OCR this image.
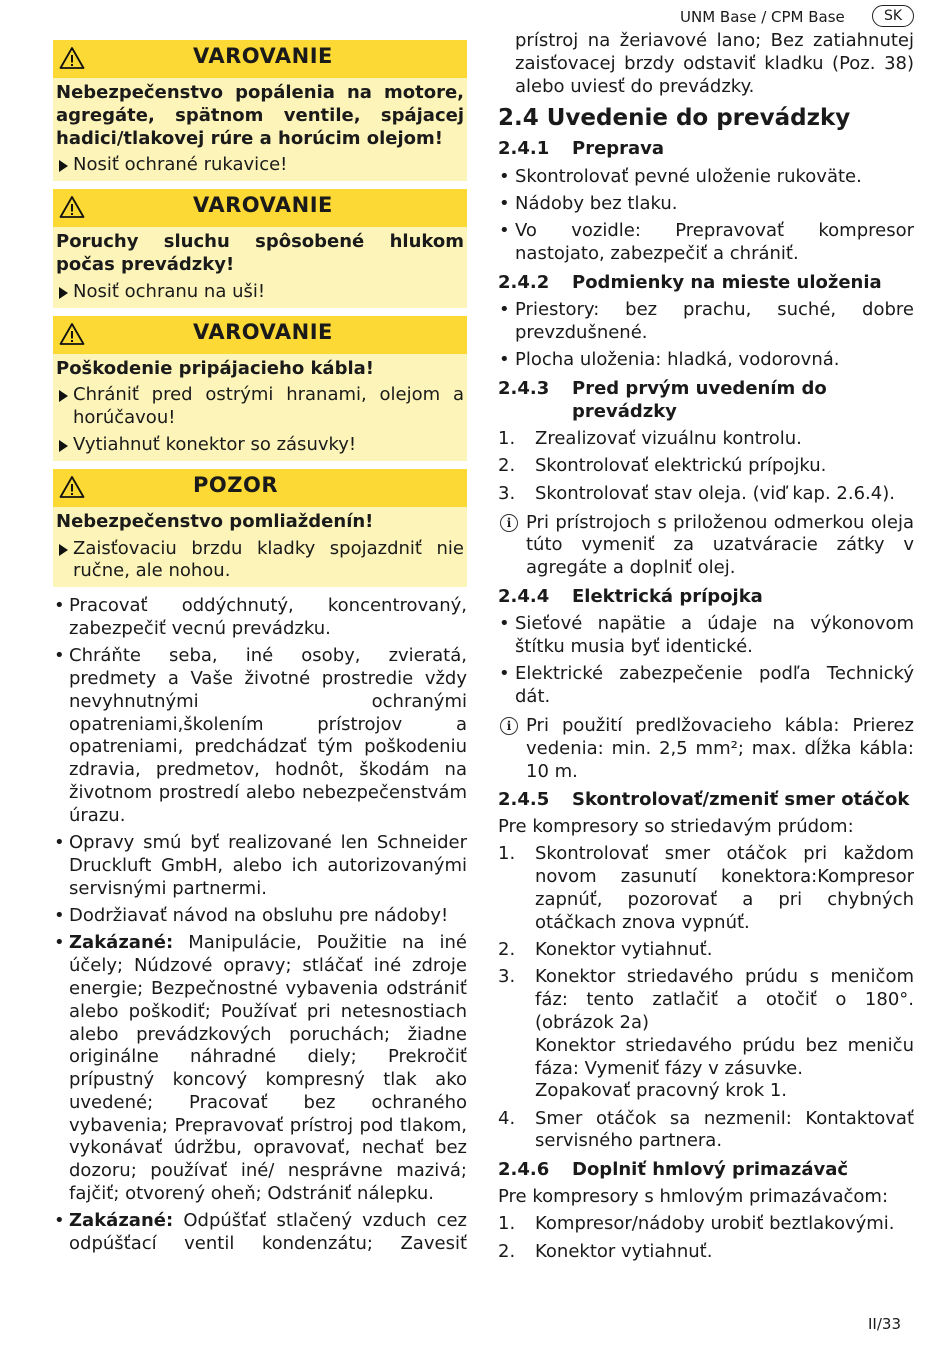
UNM Base / CPM Base	SK
VAROVANIE

Nebezpečenstvo popálenia na motore, agregáte, spätnom ventile, spájacej hadici/tlakovej rúre a horúcim olejom!

Nosiť ochrané rukavice!

VAROVANIE

Poruchy sluchu spôsobené hlukom počas prevádzky!

Nosiť ochranu na uši!

VAROVANIE

Poškodenie pripájacieho kábla!

Chrániť pred ostrými hranami, olejom a horúčavou!

Vytiahnuť konektor so zásuvky!

POZOR

Nebezpečenstvo pomliaždenín!

Zaisťovaciu brzdu kladky spojazdniť nie ručne, ale nohou.

• Pracovať oddýchnutý, koncentrovaný, zabezpečiť vecnú prevádzku.

• Chráňte seba, iné osoby, zvieratá, predmety a Vaše životné prostredie vždy nevyhnutnými ochranými opatreniami,školením prístrojov a opatreniami, predchádzať tým poškodeniu zdravia, predmetov, hodnôt, škodám na životnom prostredí alebo nebezpečenstvám úrazu.

• Opravy smú byť realizované len Schneider Druckluft GmbH, alebo ich autorizovanými servisnými partnermi.

• Dodržiavať návod na obsluhu pre nádoby!

• Zakázané: Manipulácie, Použitie na iné účely; Núdzové opravy; stláčať iné zdroje energie; Bezpečnostné vybavenia odstrániť alebo poškodiť; Používať pri netesnostiach alebo prevádzkových poruchách; žiadne originálne náhradné diely; Prekročiť prípustný koncový kompresný tlak ako uvedené; Pracovať bez ochraného vybavenia; Prepravovať prístroj pod tlakom, vykonávať údržbu, opravovať, nechať bez dozoru; používať iné/ nesprávne mazivá; fajčiť; otvorený oheň; Odstrániť nálepku.

• Zakázané: Odpúšťať stlačený vzduch cez odpúšťací ventil kondenzátu; Zavesiť

prístroj na žeriavové lano; Bez zatiahnutej zaisťovacej brzdy odstaviť kladku (Poz. 38) alebo uviesť do prevádzky.

2.4 Uvedenie do prevádzky

2.4.1 Preprava

• Skontrolovať pevné uloženie rukoväte.

• Nádoby bez tlaku.

• Vo vozidle: Prepravovať kompresor nastojato, zabezpečiť a chrániť.

2.4.2 Podmienky na mieste uloženia

• Priestory: bez prachu, suché, dobre prevzdušnené.

• Plocha uloženia: hladká, vodorovná.

2.4.3 Pred prvým uvedením do prevádzky

1. Zrealizovať vizuálnu kontrolu.

2. Skontrolovať elektrickú prípojku.

3. Skontrolovať stav oleja. (viď kap. 2.6.4).

i Pri prístrojoch s priloženou odmerkou oleja túto vymeniť za uzatváracie zátky v agregáte a doplniť olej.

2.4.4 Elektrická prípojka

• Sieťové napätie a údaje na výkonovom štítku musia byť identické.

• Elektrické zabezpečenie podľa Technický dát.

i Pri použití predlžovacieho kábla: Prierez vedenia: min. 2,5 mm²; max. dĺžka kábla: 10 m.

2.4.5 Skontrolovať/zmeniť smer otáčok

Pre kompresory so striedavým prúdom:

1. Skontrolovať smer otáčok pri každom novom zasunutí konektora:Kompresor zapnúť, pozorovať a pri chybných otáčkach znova vypnúť.

2. Konektor vytiahnuť.

3. Konektor striedavého prúdu s meničom fáz: tento zatlačiť a otočiť o 180°. (obrázok 2a)

Konektor striedavého prúdu bez meniču fáza: Vymeniť fázy v zásuvke.

Zopakovať pracovný krok 1.

4. Smer otáčok sa nezmenil: Kontaktovať servisného partnera.

2.4.6 Doplniť hmlový primazávač

Pre kompresory s hmlovým primazávačom:

1. Kompresor/nádoby urobiť beztlakovými.

2. Konektor vytiahnuť.

II/33
